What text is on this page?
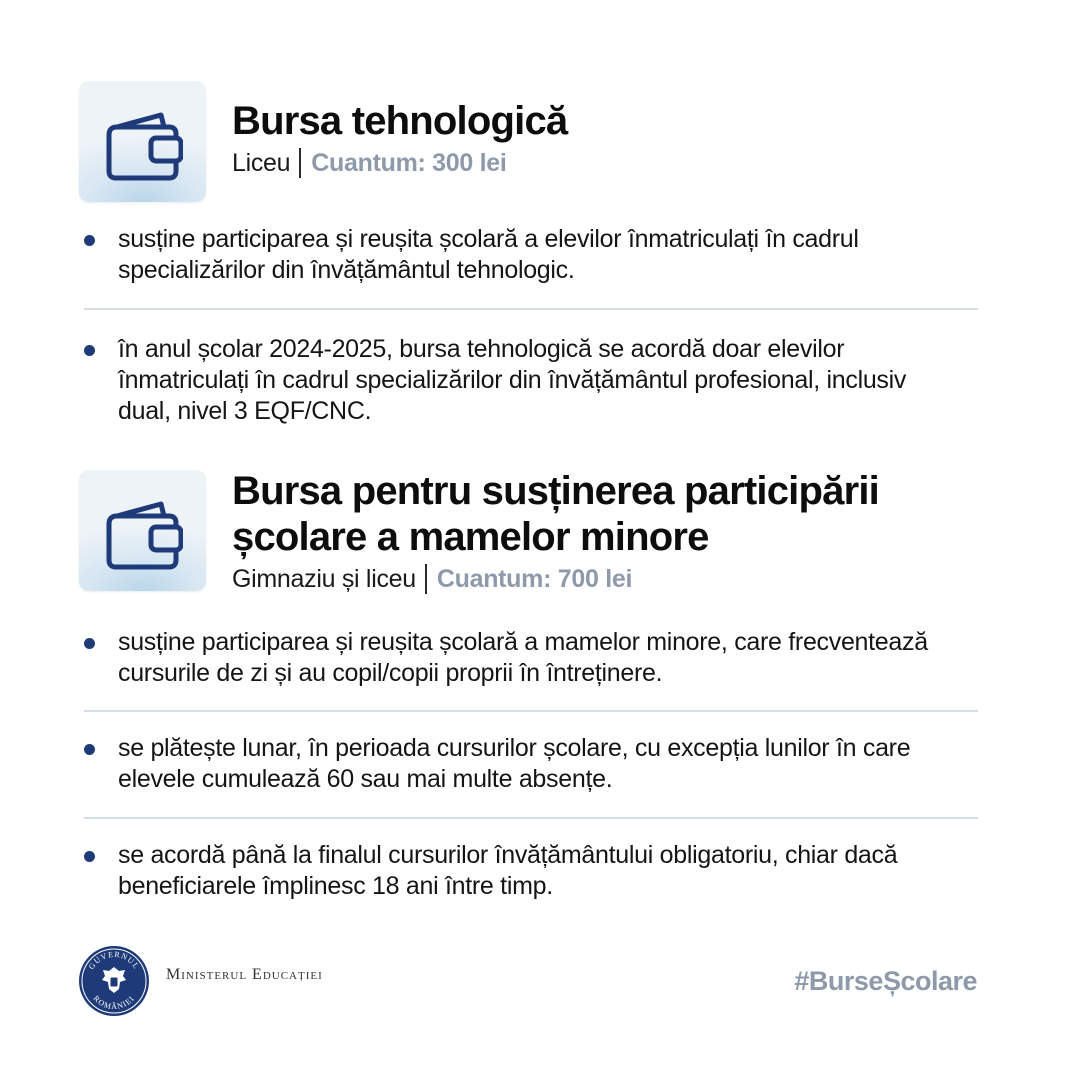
Bursa tehnologică
Liceu Cuantum: 300 lei
susține participarea și reușita școlară a elevilor înmatriculați în cadrul specializărilor din învățământul tehnologic.
în anul școlar 2024-2025, bursa tehnologică se acordă doar elevilor înmatriculați în cadrul specializărilor din învățământul profesional, inclusiv dual, nivel 3 EQF/CNC.
Bursa pentru susținerea participării
școlare a mamelor minore
Gimnaziu și liceu Cuantum: 700 lei
susține participarea și reușita școlară a mamelor minore, care frecventează cursurile de zi și au copil/copii proprii în întreținere.
se plătește lunar, în perioada cursurilor școlare, cu excepția lunilor în care elevele cumulează 60 sau mai multe absențe.
se acordă până la finalul cursurilor învățământului obligatoriu, chiar dacă beneficiarele împlinesc 18 ani între timp.
GUVERNUL
ROMÂNIEI
Ministerul Educației	#BurseȘcolare
